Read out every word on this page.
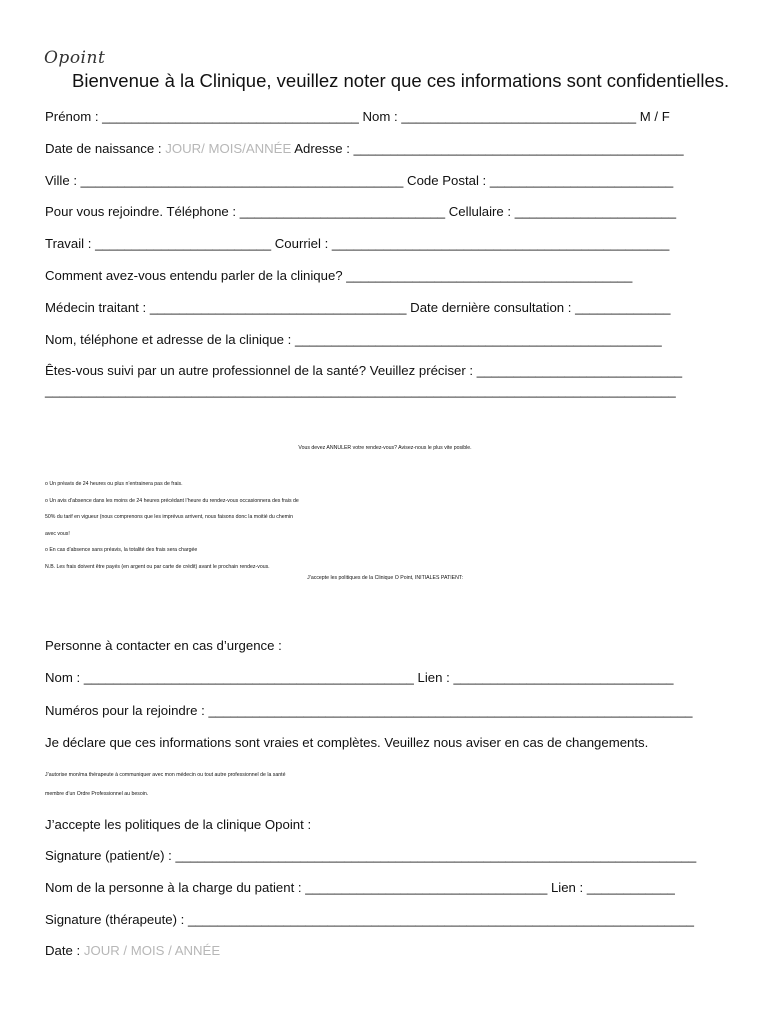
Opoint
Bienvenue à la Clinique, veuillez noter que ces informations sont confidentielles.
Prénom : ___________________________________ Nom : ________________________________ M / F
Date de naissance : JOUR/ MOIS/ANNÉE Adresse : _____________________________________________
Ville : ____________________________________________ Code Postal : _________________________
Pour vous rejoindre. Téléphone : ____________________________ Cellulaire : ______________________
Travail : ________________________ Courriel : ______________________________________________
Comment avez-vous entendu parler de la clinique? _______________________________________
Médecin traitant : ___________________________________ Date dernière consultation : _____________
Nom, téléphone et adresse de la clinique : __________________________________________________
Êtes-vous suivi par un autre professionnel de la santé? Veuillez préciser : ____________________________
______________________________________________________________________________________
Vous devez ANNULER votre rendez-vous? Avisez-nous le plus vite posible.
o Un préavis de 24 heures ou plus n’entrainera pas de frais.
o Un avis d’absence dans les moins de 24 heures précédant l’heure du rendez-vous occasionnera des frais de
50% du tarif en vigueur (nous comprenons que les imprévus arrivent, nous faisons donc la moitié du chemin
avec vous!
o En cas d’absence sans préavis, la totalité des frais sera chargée
N.B. Les frais doivent être payés (en argent ou par carte de crédit) avant le prochain rendez-vous.
J’accepte les politiques de la Clinique O Point, INITIALES PATIENT:
Personne à contacter en cas d’urgence :
Nom : _____________________________________________ Lien : ______________________________
Numéros pour la rejoindre : __________________________________________________________________
Je déclare que ces informations sont vraies et complètes. Veuillez nous aviser en cas de changements.
J’autorise mon/ma thérapeute à communiquer avec mon médecin ou tout autre professionnel de la santé
membre d’un Ordre Professionnel au besoin.
J’accepte les politiques de la clinique Opoint :
Signature (patient/e) : _______________________________________________________________________
Nom de la personne à la charge du patient : _________________________________ Lien : ____________
Signature (thérapeute) : _____________________________________________________________________
Date : JOUR / MOIS / ANNÉE
